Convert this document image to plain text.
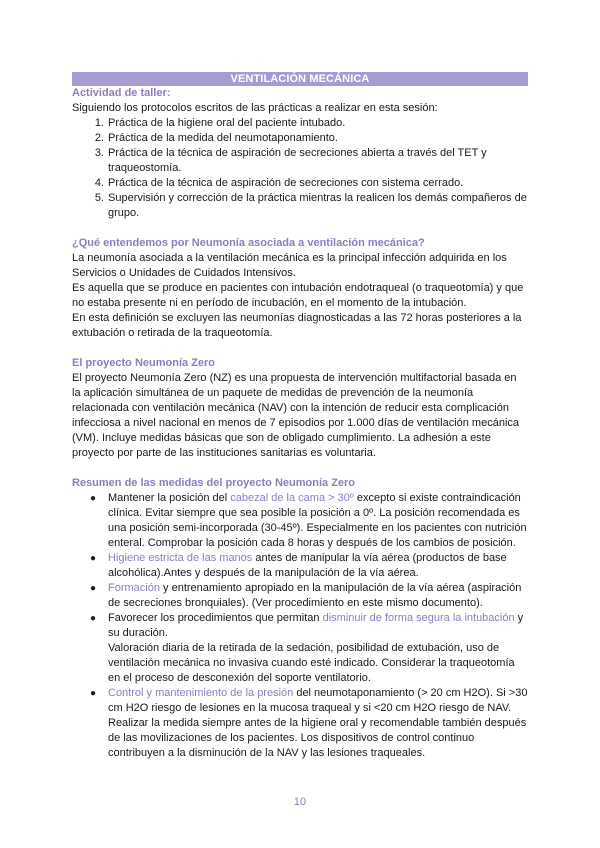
VENTILACIÓN MECÁNICA

Actividad de taller:

Siguiendo los protocolos escritos de las prácticas a realizar en esta sesión:

1. Práctica de la higiene oral del paciente intubado.
2. Práctica de la medida del neumotaponamiento.
3. Práctica de la técnica de aspiración de secreciones abierta a través del TET y traqueostomía.
4. Práctica de la técnica de aspiración de secreciones con sistema cerrado.
5. Supervisión y corrección de la práctica mientras la realicen los demás compañeros de grupo.

¿Qué entendemos por Neumonía asociada a ventilación mecánica?

La neumonía asociada a la ventilación mecánica es la principal infección adquirida en los Servicios o Unidades de Cuidados Intensivos.

Es aquella que se produce en pacientes con intubación endotraqueal (o traqueotomía) y que no estaba presente ni en período de incubación, en el momento de la intubación.

En esta definición se excluyen las neumonías diagnosticadas a las 72 horas posteriores a la extubación o retirada de la traqueotomía.

El proyecto Neumonía Zero

El proyecto Neumonía Zero (NZ) es una propuesta de intervención multifactorial basada en la aplicación simultánea de un paquete de medidas de prevención de la neumonía relacionada con ventilación mecánica (NAV) con la intención de reducir esta complicación infecciosa a nivel nacional en menos de 7 episodios por 1.000 días de ventilación mecánica (VM). Incluye medidas básicas que son de obligado cumplimiento. La adhesión a este proyecto por parte de las instituciones sanitarias es voluntaria.

Resumen de las medidas del proyecto Neumonía Zero

● Mantener la posición del cabezal de la cama > 30º excepto si existe contraindicación clínica. Evitar siempre que sea posible la posición a 0º. La posición recomendada es una posición semi-incorporada (30-45º). Especialmente en los pacientes con nutrición enteral. Comprobar la posición cada 8 horas y después de los cambios de posición.
● Higiene estricta de las manos antes de manipular la vía aérea (productos de base alcohólica).Antes y después de la manipulación de la vía aérea.
● Formación y entrenamiento apropiado en la manipulación de la vía aérea (aspiración de secreciones bronquiales). (Ver procedimiento en este mismo documento).
● Favorecer los procedimientos que permitan disminuir de forma segura la intubación y su duración.

Valoración diaria de la retirada de la sedación, posibilidad de extubación, uso de ventilación mecánica no invasiva cuando esté indicado. Considerar la traqueotomía en el proceso de desconexión del soporte ventilatorio.

● Control y mantenimiento de la presión del neumotaponamiento (> 20 cm H2O). Si >30 cm H2O riesgo de lesiones en la mucosa traqueal y si <20 cm H2O riesgo de NAV. Realizar la medida siempre antes de la higiene oral y recomendable también después de las movilizaciones de los pacientes. Los dispositivos de control continuo contribuyen a la disminución de la NAV y las lesiones traqueales.
10
